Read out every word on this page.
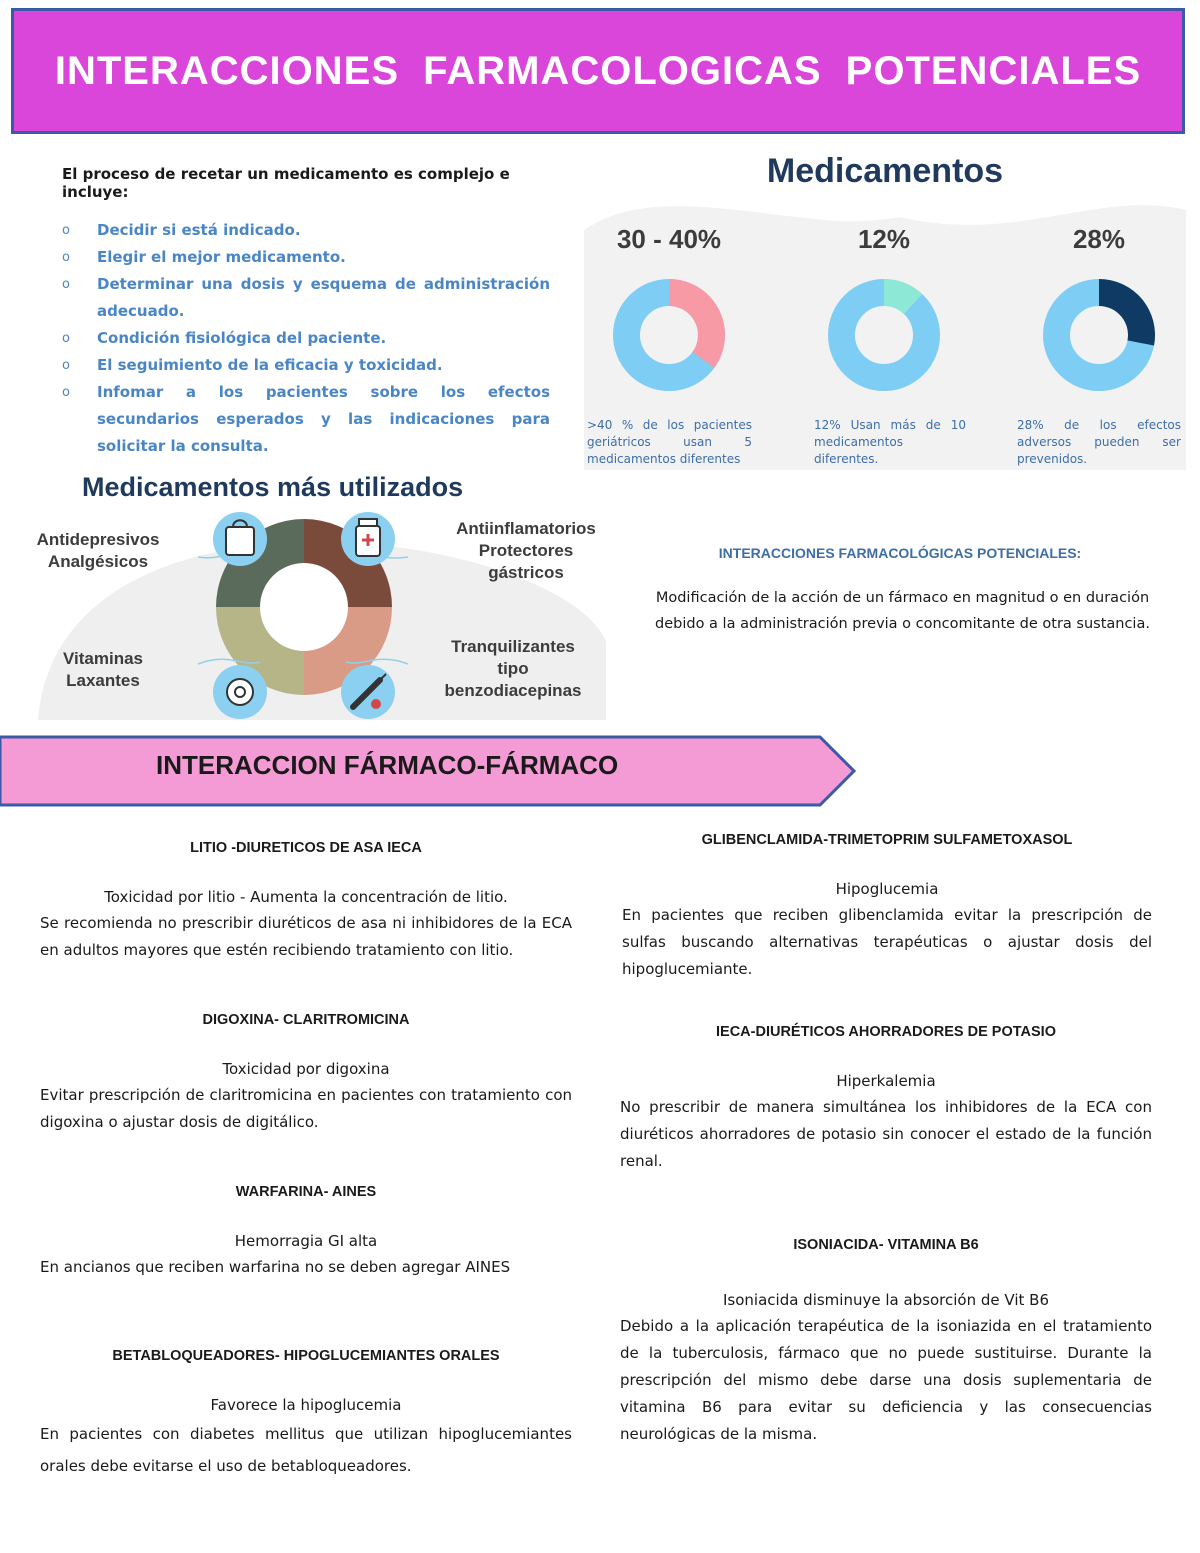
INTERACCIONES FARMACOLOGICAS POTENCIALES

El proceso de recetar un medicamento es complejo e incluye:

o Decidir si está indicado.
o Elegir el mejor medicamento.
o Determinar una dosis y esquema de administración adecuado.
o Condición fisiológica del paciente.
o El seguimiento de la eficacia y toxicidad.
o Infomar a los pacientes sobre los efectos secundarios esperados y las indicaciones para solicitar la consulta.
Medicamentos
30 - 40%	12%	28%
>40 % de los pacientes geriátricos usan 5 medicamentos diferentes
12% Usan más de 10 medicamentos diferentes.
28% de los efectos adversos pueden ser prevenidos.
Medicamentos más utilizados
Antidepresivos
Analgésicos
Antiinflamatorios
Protectores
gástricos
Vitaminas
Laxantes
Tranquilizantes
tipo
benzodiacepinas
INTERACCIONES FARMACOLÓGICAS POTENCIALES:
Modificación de la acción de un fármaco en magnitud o en duración debido a la administración previa o concomitante de otra sustancia.
INTERACCION FÁRMACO-FÁRMACO
LITIO -DIURETICOS DE ASA IECA
Toxicidad por litio - Aumenta la concentración de litio.
Se recomienda no prescribir diuréticos de asa ni inhibidores de la ECA en adultos mayores que estén recibiendo tratamiento con litio.
DIGOXINA- CLARITROMICINA
Toxicidad por digoxina
Evitar prescripción de claritromicina en pacientes con tratamiento con digoxina o ajustar dosis de digitálico.
WARFARINA- AINES
Hemorragia GI alta
En ancianos que reciben warfarina no se deben agregar AINES
BETABLOQUEADORES- HIPOGLUCEMIANTES ORALES
Favorece la hipoglucemia
En pacientes con diabetes mellitus que utilizan hipoglucemiantes orales debe evitarse el uso de betabloqueadores.
GLIBENCLAMIDA-TRIMETOPRIM SULFAMETOXASOL
Hipoglucemia
En pacientes que reciben glibenclamida evitar la prescripción de sulfas buscando alternativas terapéuticas o ajustar dosis del hipoglucemiante.
IECA-DIURÉTICOS AHORRADORES DE POTASIO
Hiperkalemia
No prescribir de manera simultánea los inhibidores de la ECA con diuréticos ahorradores de potasio sin conocer el estado de la función renal.
ISONIACIDA- VITAMINA B6
Isoniacida disminuye la absorción de Vit B6
Debido a la aplicación terapéutica de la isoniazida en el tratamiento de la tuberculosis, fármaco que no puede sustituirse. Durante la prescripción del mismo debe darse una dosis suplementaria de vitamina B6 para evitar su deficiencia y las consecuencias neurológicas de la misma.
